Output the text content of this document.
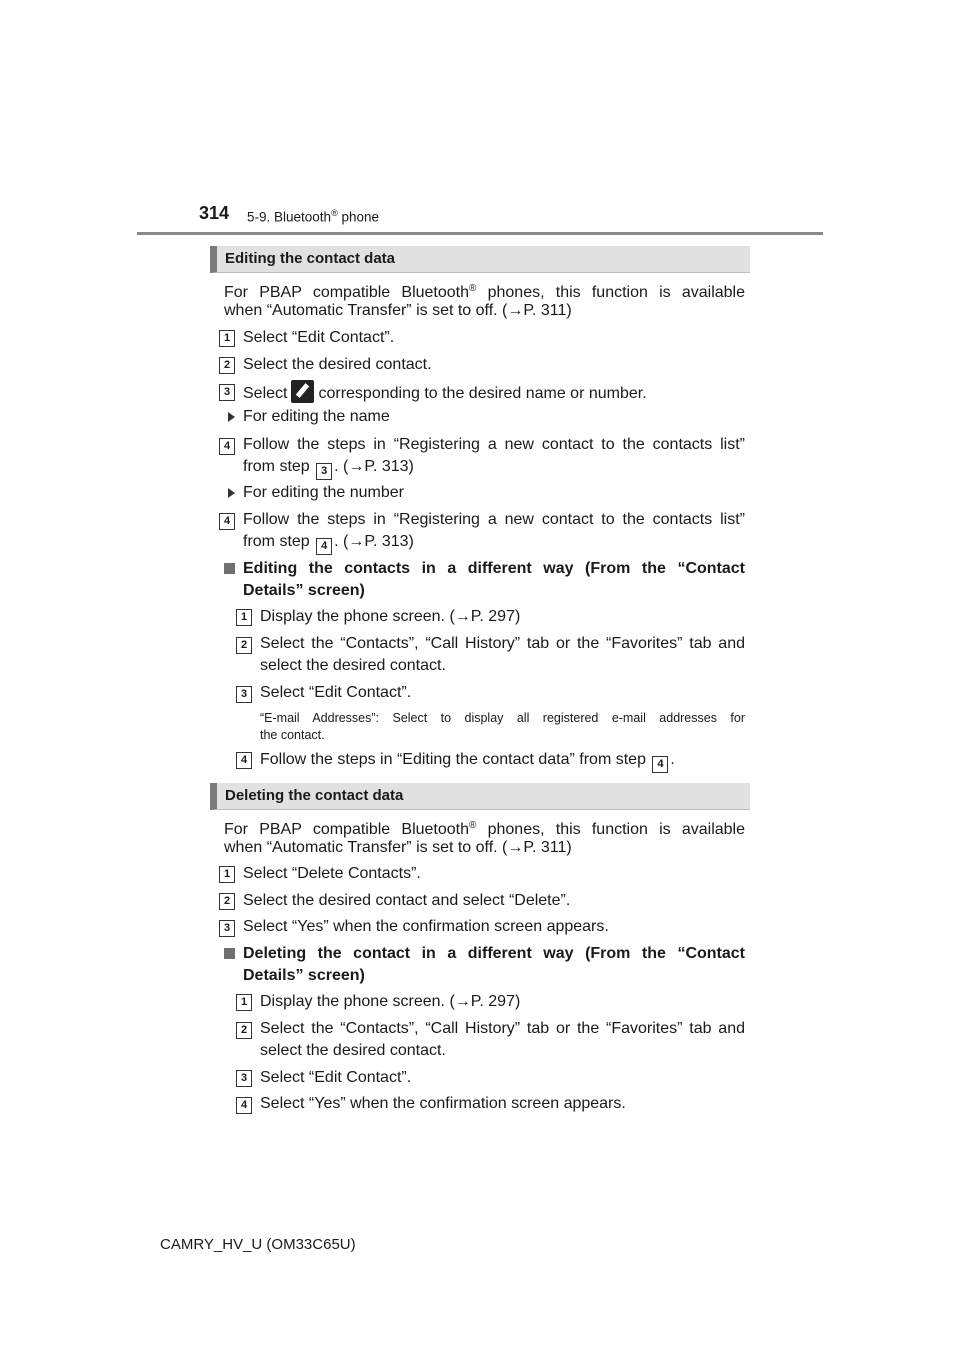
314 5-9. Bluetooth® phone
Editing the contact data
For PBAP compatible Bluetooth® phones, this function is available
when “Automatic Transfer” is set to off. (→P. 311)
1 Select “Edit Contact”.
2 Select the desired contact.
3 Select corresponding to the desired name or number.
For editing the name
4 Follow the steps in “Registering a new contact to the contacts list”
from step 3 . (→P. 313)
For editing the number
4 Follow the steps in “Registering a new contact to the contacts list”
from step 4 . (→P. 313)
Editing the contacts in a different way (From the “Contact
Details” screen)
1 Display the phone screen. (→P. 297)
2 Select the “Contacts”, “Call History” tab or the “Favorites” tab and
select the desired contact.
3 Select “Edit Contact”.
“E-mail Addresses”: Select to display all registered e-mail addresses for
the contact.
4 Follow the steps in “Editing the contact data” from step 4 .
Deleting the contact data
For PBAP compatible Bluetooth® phones, this function is available
when “Automatic Transfer” is set to off. (→P. 311)
1 Select “Delete Contacts”.
2 Select the desired contact and select “Delete”.
3 Select “Yes” when the confirmation screen appears.
Deleting the contact in a different way (From the “Contact
Details” screen)
1 Display the phone screen. (→P. 297)
2 Select the “Contacts”, “Call History” tab or the “Favorites” tab and
select the desired contact.
3 Select “Edit Contact”.
4 Select “Yes” when the confirmation screen appears.
CAMRY_HV_U (OM33C65U)
